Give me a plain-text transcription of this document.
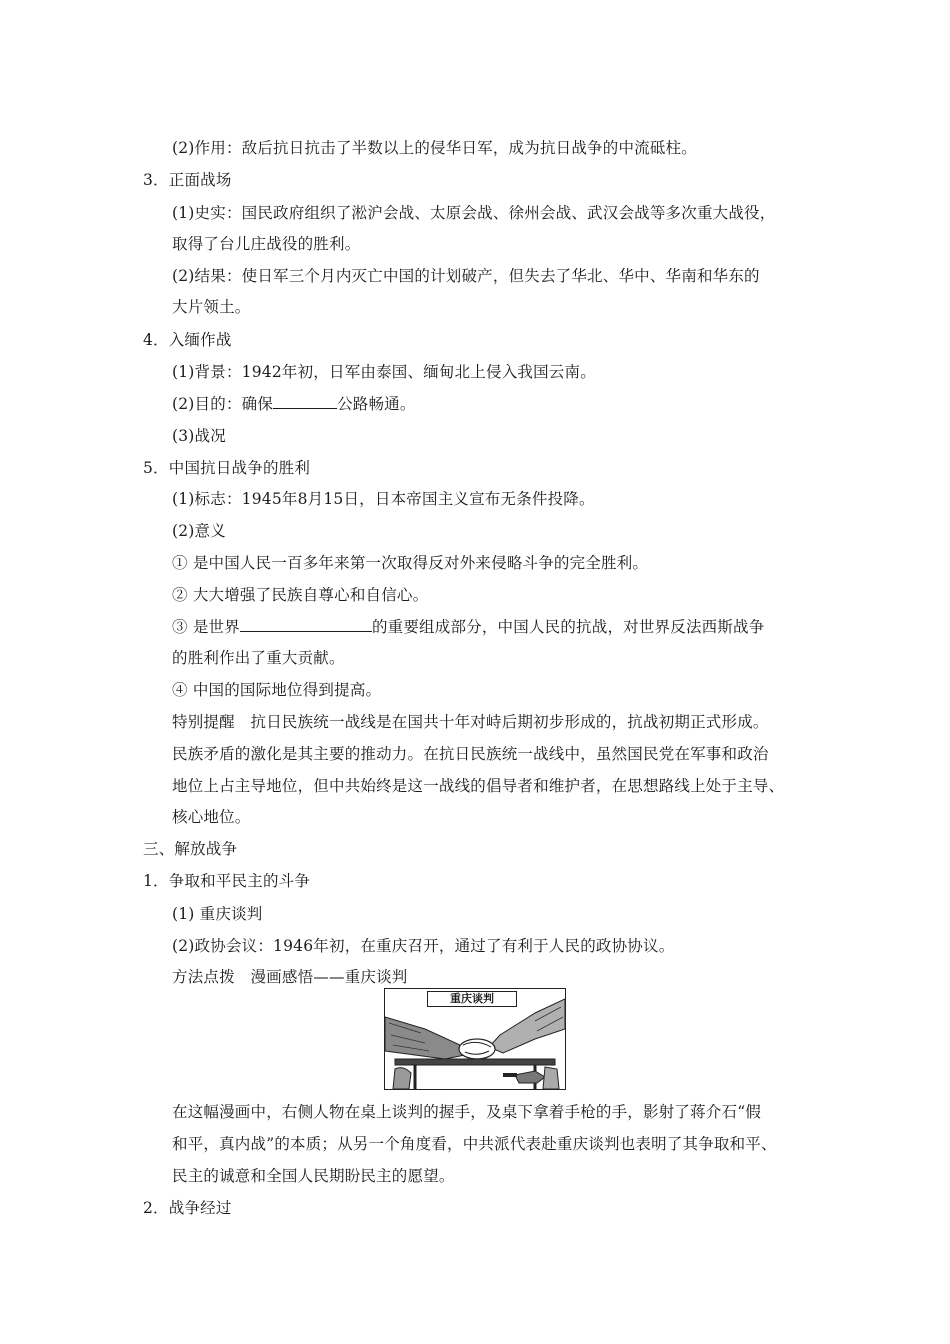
(2)作用：敌后抗日抗击了半数以上的侵华日军，成为抗日战争的中流砥柱。
3．正面战场
(1)史实：国民政府组织了淞沪会战、太原会战、徐州会战、武汉会战等多次重大战役，
取得了台儿庄战役的胜利。
(2)结果：使日军三个月内灭亡中国的计划破产，但失去了华北、华中、华南和华东的
大片领土。
4．入缅作战
(1)背景：1942年初，日军由泰国、缅甸北上侵入我国云南。
(2)目的：确保	公路畅通。
(3)战况
5．中国抗日战争的胜利
(1)标志：1945年8月15日，日本帝国主义宣布无条件投降。
(2)意义
① 是中国人民一百多年来第一次取得反对外来侵略斗争的完全胜利。
② 大大增强了民族自尊心和自信心。
③ 是世界	的重要组成部分，中国人民的抗战，对世界反法西斯战争
的胜利作出了重大贡献。
④ 中国的国际地位得到提高。
特别提醒　抗日民族统一战线是在国共十年对峙后期初步形成的，抗战初期正式形成。
民族矛盾的激化是其主要的推动力。在抗日民族统一战线中，虽然国民党在军事和政治
地位上占主导地位，但中共始终是这一战线的倡导者和维护者，在思想路线上处于主导、
核心地位。
三、解放战争
1．争取和平民主的斗争
(1) 重庆谈判
(2)政协会议：1946年初，在重庆召开，通过了有利于人民的政协协议。
方法点拨　漫画感悟——重庆谈判
重庆谈判
在这幅漫画中，右侧人物在桌上谈判的握手，及桌下拿着手枪的手，影射了蒋介石“假
和平，真内战”的本质；从另一个角度看，中共派代表赴重庆谈判也表明了其争取和平、
民主的诚意和全国人民期盼民主的愿望。
2．战争经过
